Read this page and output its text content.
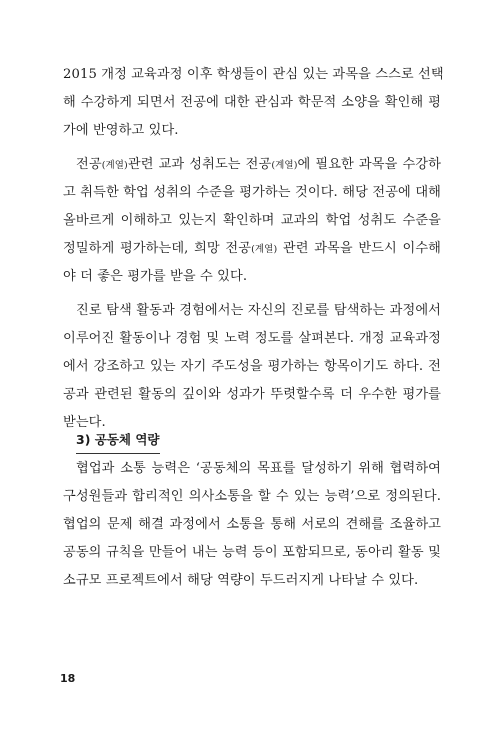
2015 개정 교육과정 이후 학생들이 관심 있는 과목을 스스로 선택
해 수강하게 되면서 전공에 대한 관심과 학문적 소양을 확인해 평
가에 반영하고 있다.
전공(계열)관련 교과 성취도는 전공(계열)에 필요한 과목을 수강하
고 취득한 학업 성취의 수준을 평가하는 것이다. 해당 전공에 대해
올바르게 이해하고 있는지 확인하며 교과의 학업 성취도 수준을
정밀하게 평가하는데, 희망 전공(계열) 관련 과목을 반드시 이수해
야 더 좋은 평가를 받을 수 있다.
진로 탐색 활동과 경험에서는 자신의 진로를 탐색하는 과정에서
이루어진 활동이나 경험 및 노력 정도를 살펴본다. 개정 교육과정
에서 강조하고 있는 자기 주도성을 평가하는 항목이기도 하다. 전
공과 관련된 활동의 깊이와 성과가 뚜렷할수록 더 우수한 평가를
받는다.
3) 공동체 역량
협업과 소통 능력은 ‘공동체의 목표를 달성하기 위해 협력하여
구성원들과 합리적인 의사소통을 할 수 있는 능력’으로 정의된다.
협업의 문제 해결 과정에서 소통을 통해 서로의 견해를 조율하고
공동의 규칙을 만들어 내는 능력 등이 포함되므로, 동아리 활동 및
소규모 프로젝트에서 해당 역량이 두드러지게 나타날 수 있다.
18
